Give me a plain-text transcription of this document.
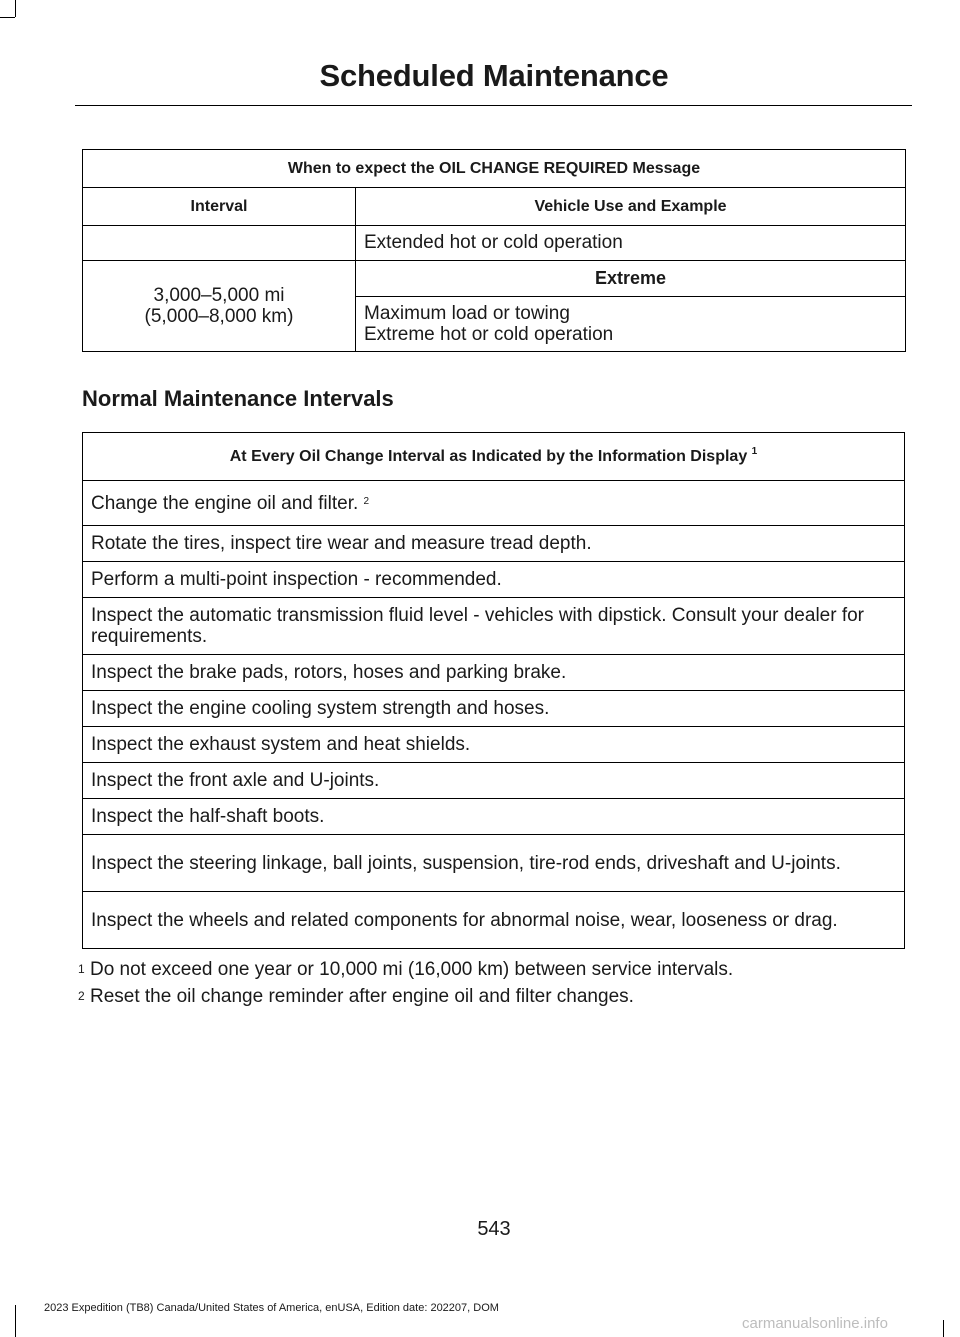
Scheduled Maintenance
When to expect the OIL CHANGE REQUIRED Message	
Interval	Vehicle Use and Example
	Extended hot or cold operation

3,000–5,000 mi
(5,000–8,000 km)	Extreme

	Maximum load or towing
Extreme hot or cold operation
Normal Maintenance Intervals
At Every Oil Change Interval as Indicated by the Information Display $^1$
Change the engine oil and filter. $^2$
Rotate the tires, inspect tire wear and measure tread depth.
Perform a multi-point inspection - recommended.
Inspect the automatic transmission fluid level - vehicles with dipstick. Consult your dealer for requirements.
Inspect the brake pads, rotors, hoses and parking brake.
Inspect the engine cooling system strength and hoses.
Inspect the exhaust system and heat shields.
Inspect the front axle and U-joints.
Inspect the half-shaft boots.
Inspect the steering linkage, ball joints, suspension, tire-rod ends, driveshaft and U-joints.
Inspect the wheels and related components for abnormal noise, wear, looseness or drag.
$^1$ Do not exceed one year or 10,000 mi (16,000 km) between service intervals.
$^2$ Reset the oil change reminder after engine oil and filter changes.
543
2023 Expedition (TB8) Canada/United States of America, enUSA, Edition date: 202207, DOM
carmanualsonline.info
